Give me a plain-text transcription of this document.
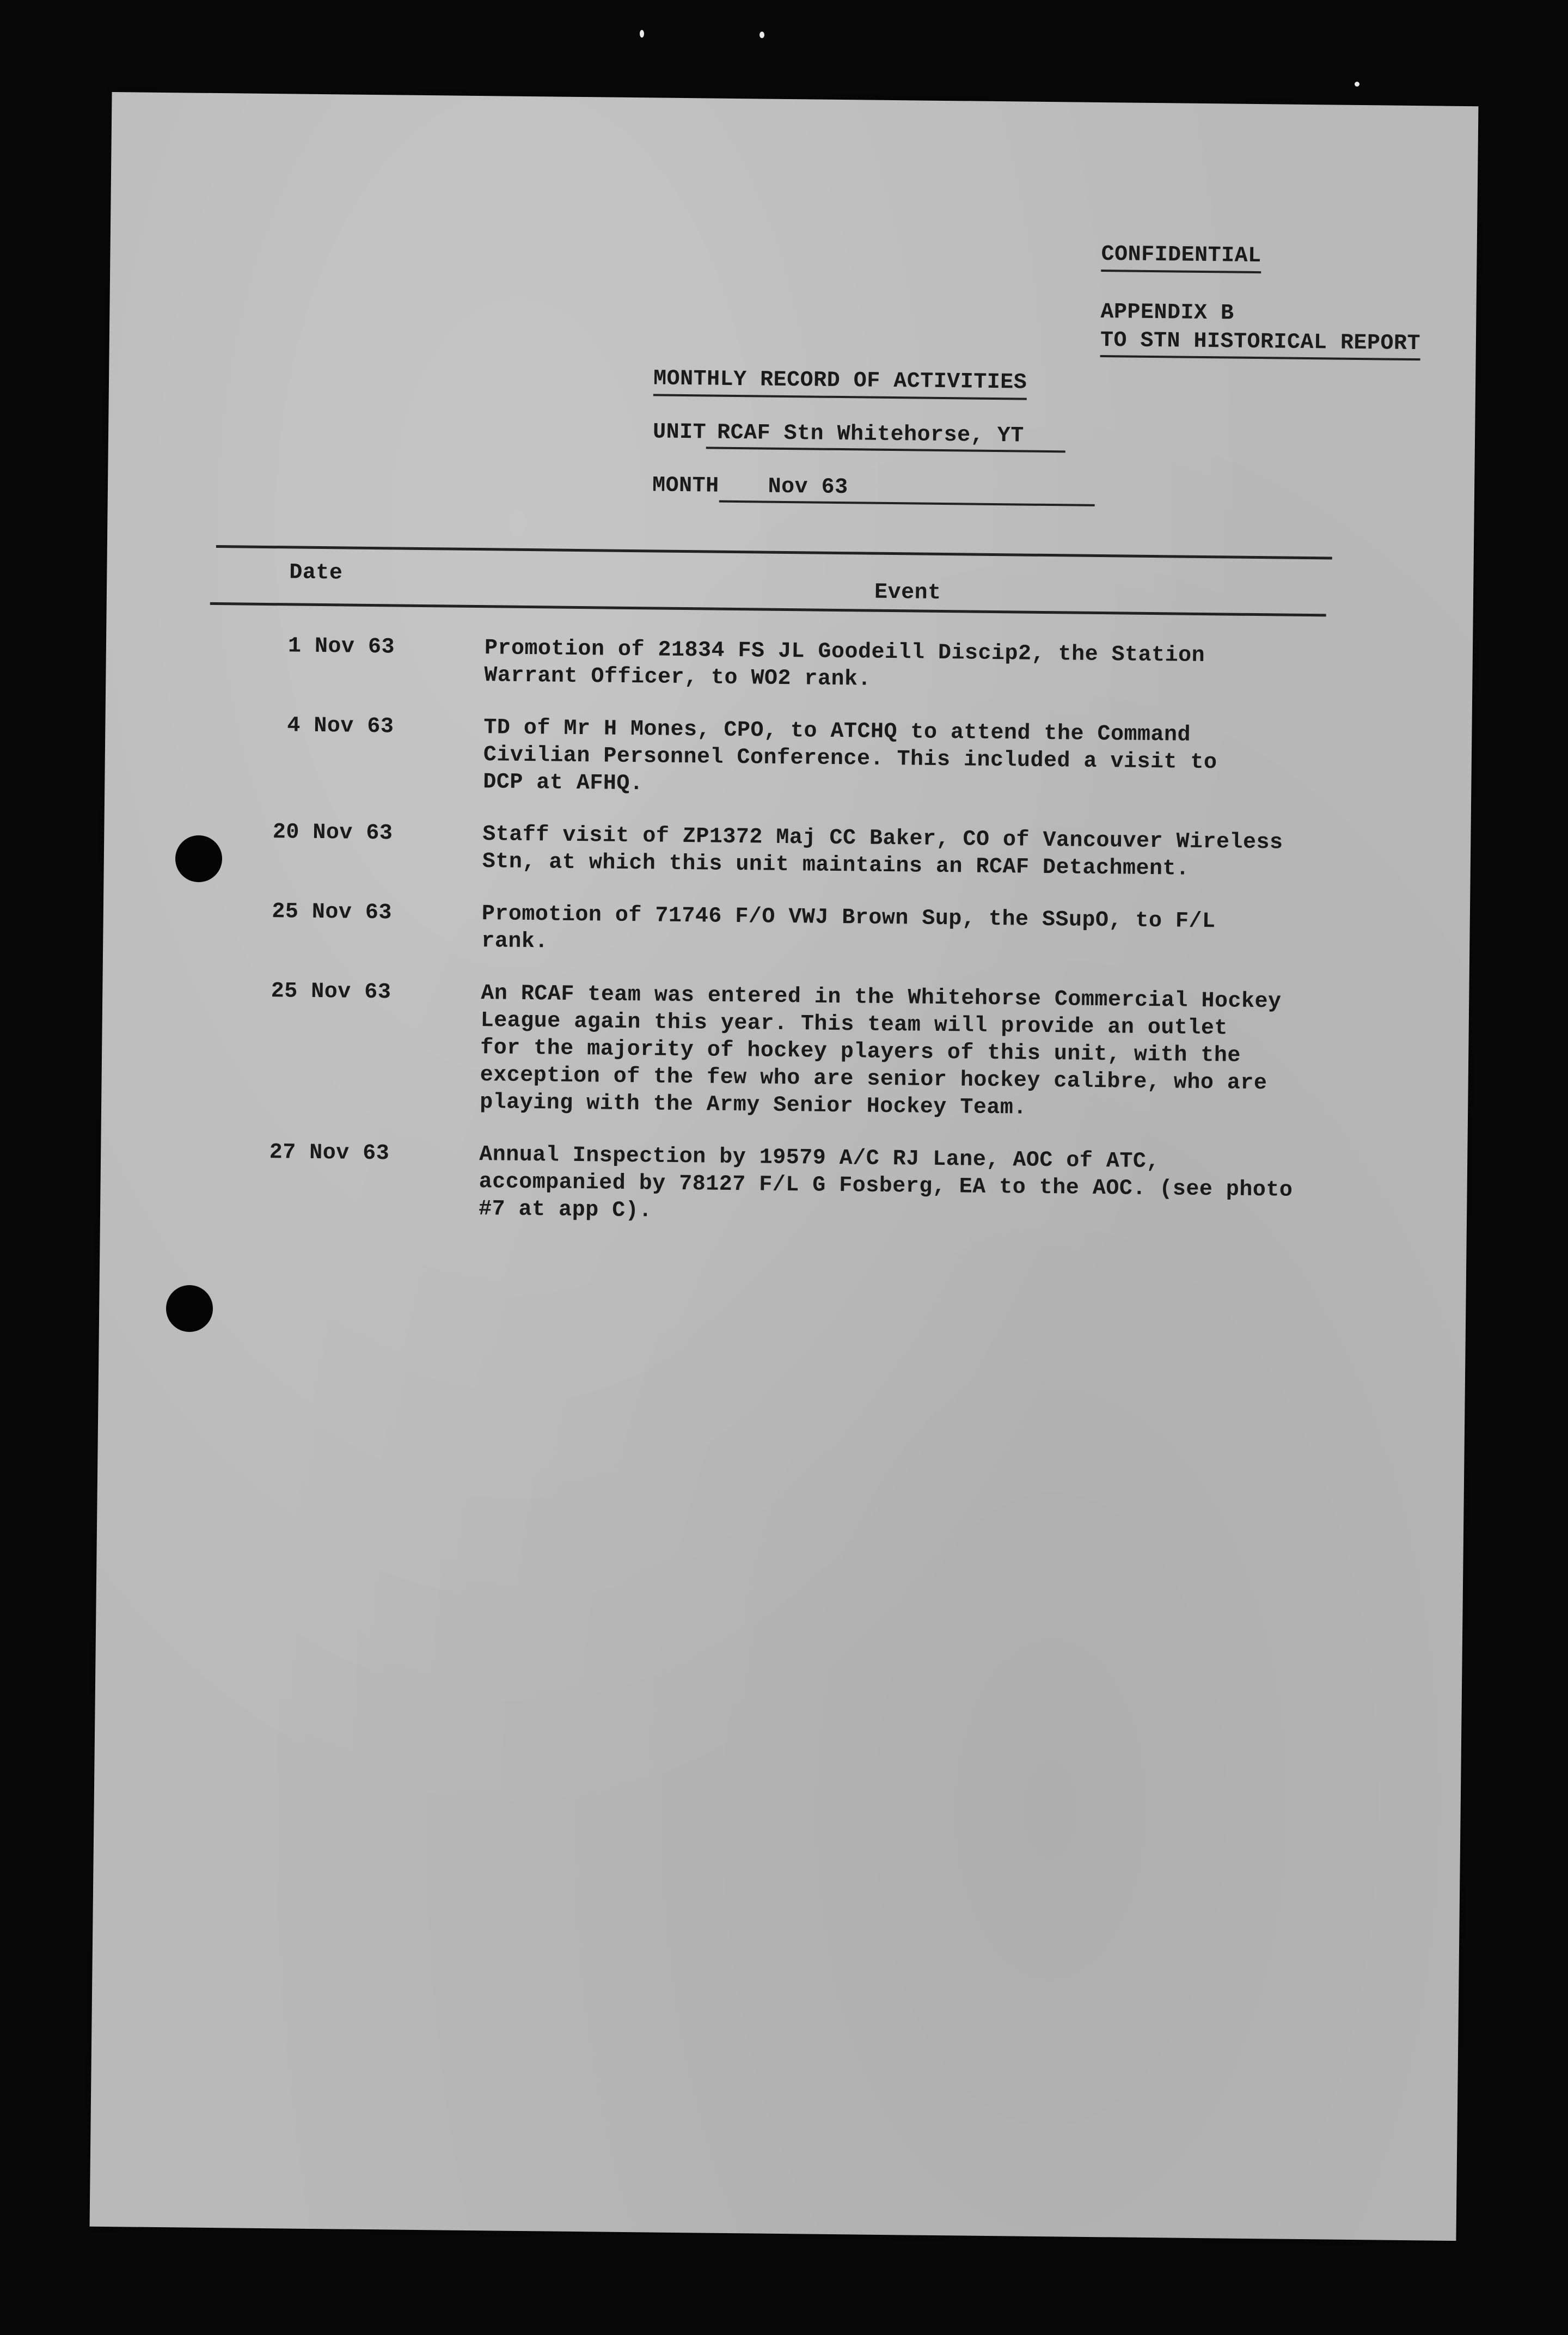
CONFIDENTIAL
APPENDIX B
TO STN HISTORICAL REPORT
MONTHLY RECORD OF ACTIVITIES
UNIT RCAF Stn Whitehorse, YT
MONTH Nov 63
Date
Event
1 Nov 63	Promotion of 21834 FS JL Goodeill Discip2, the Station
Warrant Officer, to WO2 rank.
4 Nov 63	TD of Mr H Mones, CPO, to ATCHQ to attend the Command
Civilian Personnel Conference. This included a visit to
DCP at AFHQ.
20 Nov 63	Staff visit of ZP1372 Maj CC Baker, CO of Vancouver Wireless
Stn, at which this unit maintains an RCAF Detachment.
25 Nov 63	Promotion of 71746 F/O VWJ Brown Sup, the SSupO, to F/L
rank.
25 Nov 63	An RCAF team was entered in the Whitehorse Commercial Hockey
League again this year. This team will provide an outlet
for the majority of hockey players of this unit, with the
exception of the few who are senior hockey calibre, who are
playing with the Army Senior Hockey Team.
27 Nov 63	Annual Inspection by 19579 A/C RJ Lane, AOC of ATC,
accompanied by 78127 F/L G Fosberg, EA to the AOC. (see photo
#7 at app C).
